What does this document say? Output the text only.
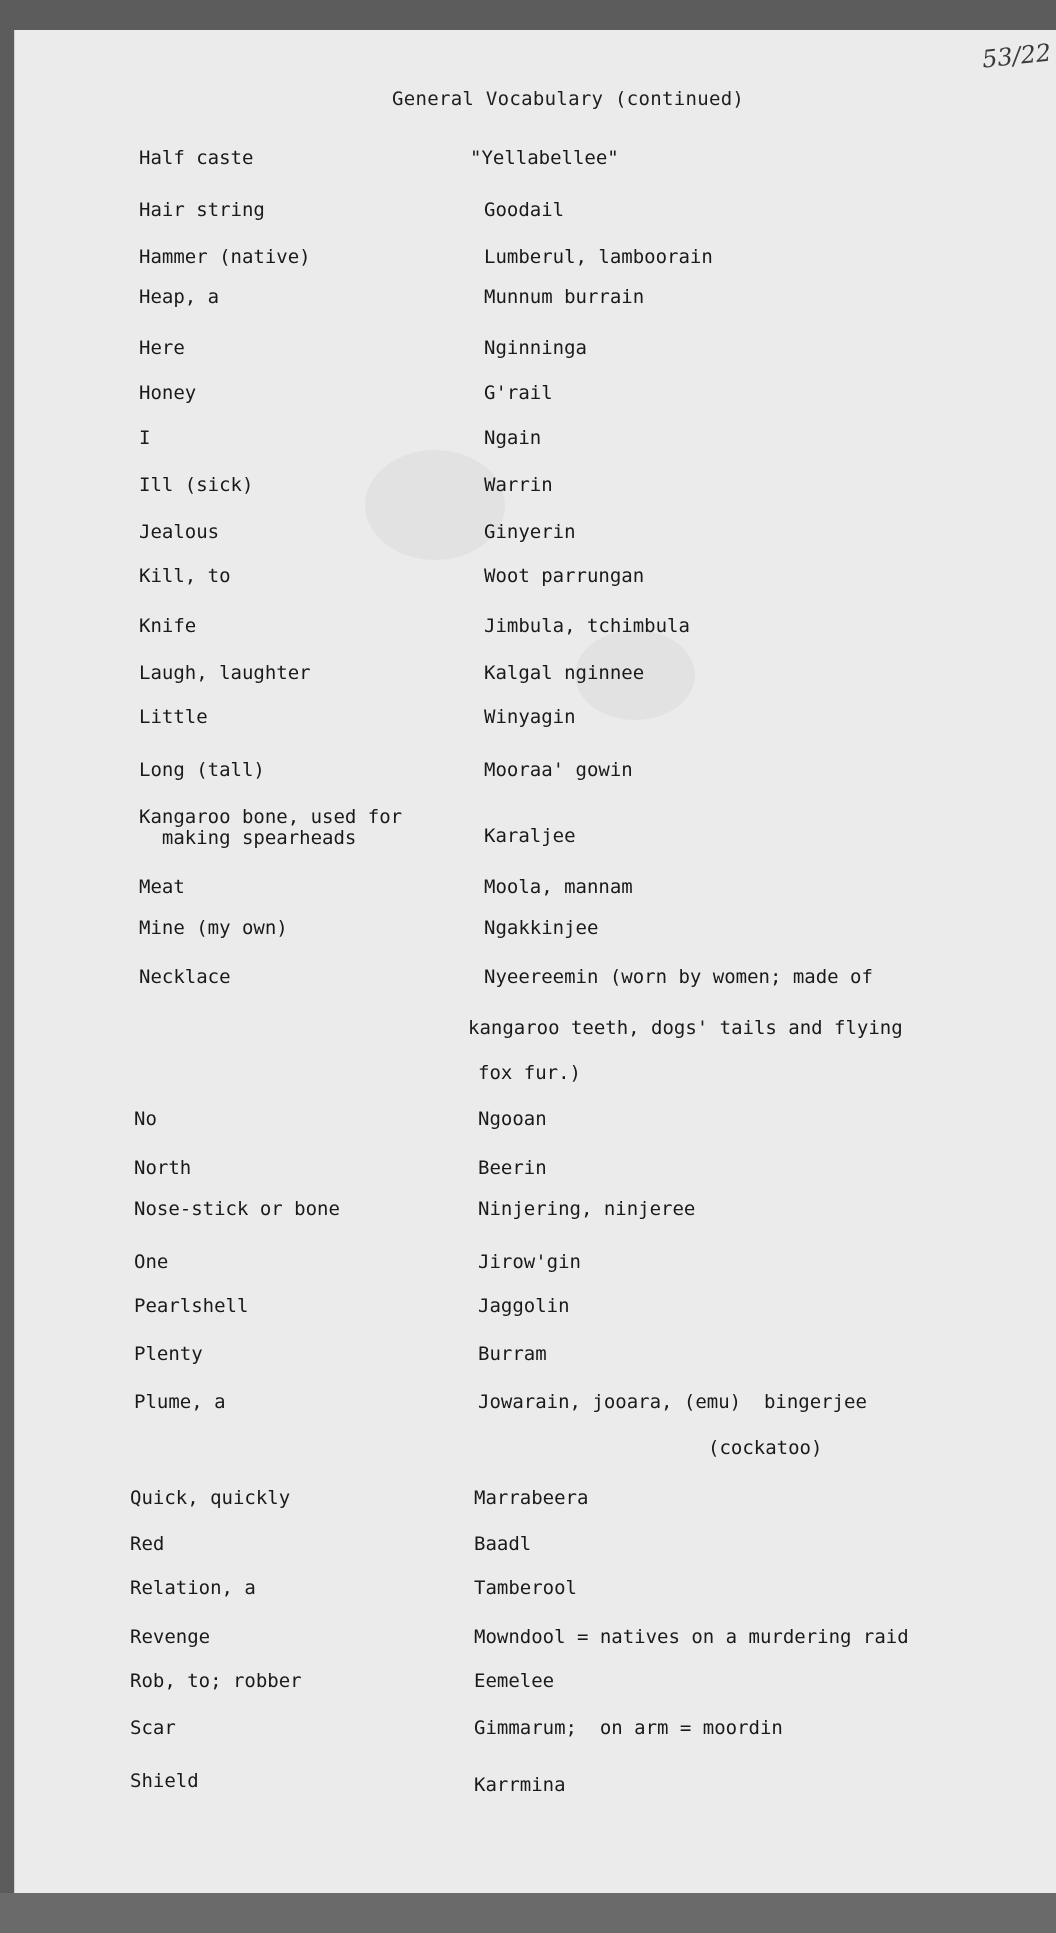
53/22
General Vocabulary (continued)
Half caste	"Yellabellee"
Hair string	Goodail
Hammer (native)	Lumberul, lamboorain
Heap, a	Munnum burrain
Here	Nginninga
Honey	G'rail
I	Ngain
Ill (sick)	Warrin
Jealous	Ginyerin
Kill, to	Woot parrungan
Knife	Jimbula, tchimbula
Laugh, laughter	Kalgal nginnee
Little	Winyagin
Long (tall)	Mooraa' gowin
Kangaroo bone, used for
making spearheads	Karaljee
Meat	Moola, mannam
Mine (my own)	Ngakkinjee
Necklace	Nyeereemin (worn by women; made of
kangaroo teeth, dogs' tails and flying
fox fur.)
No	Ngooan
North	Beerin
Nose-stick or bone	Ninjering, ninjeree
One	Jirow'gin
Pearlshell	Jaggolin
Plenty	Burram
Plume, a	Jowarain, jooara, (emu)  bingerjee
(cockatoo)
Quick, quickly	Marrabeera
Red	Baadl
Relation, a	Tamberool
Revenge	Mowndool = natives on a murdering raid
Rob, to; robber	Eemelee
Scar	Gimmarum;  on arm = moordin
Shield	Karrmina
